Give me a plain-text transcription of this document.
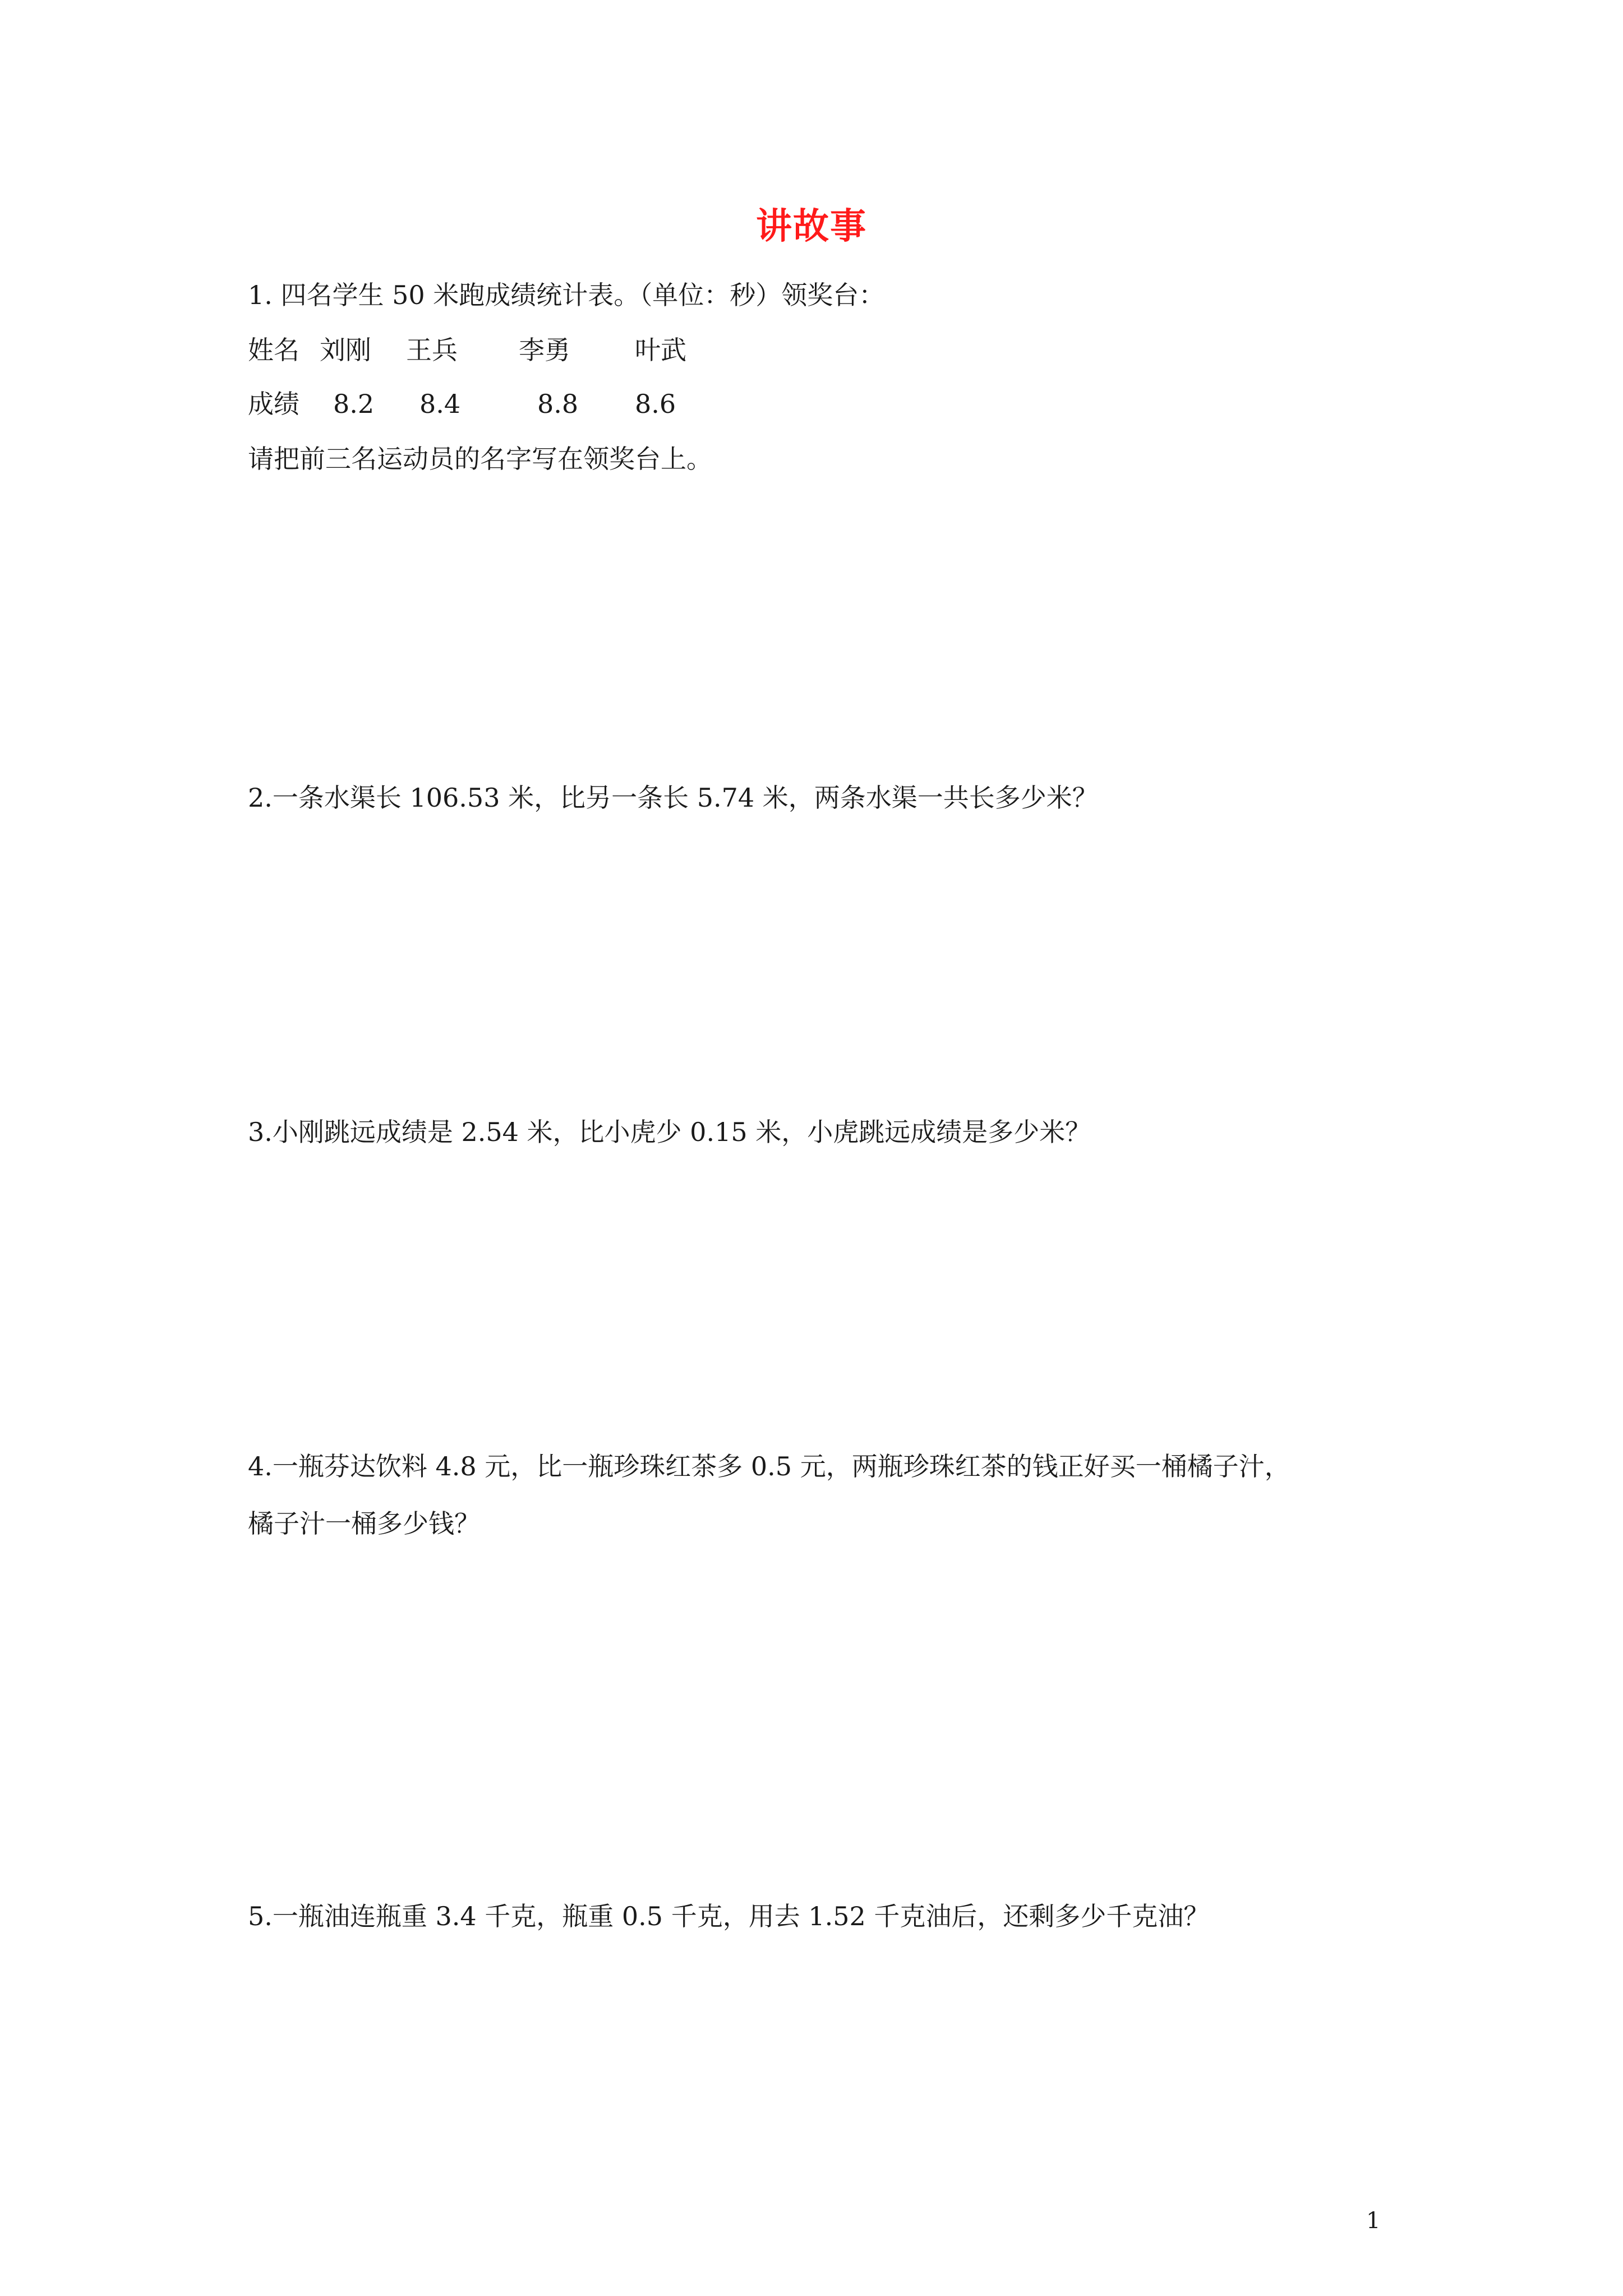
讲故事
1. 四名学生 50 米跑成绩统计表。（单位：秒）领奖台：
姓名 刘刚 王兵 李勇	叶武
成绩 8.2 8.4	8.8 8.6
请把前三名运动员的名字写在领奖台上。
2.一条水渠长 106.53 米，比另一条长 5.74 米，两条水渠一共长多少米？
3.小刚跳远成绩是 2.54 米，比小虎少 0.15 米，小虎跳远成绩是多少米？
4.一瓶芬达饮料 4.8 元，比一瓶珍珠红茶多 0.5 元，两瓶珍珠红茶的钱正好买一桶橘子汁，
橘子汁一桶多少钱？
5.一瓶油连瓶重 3.4 千克，瓶重 0.5 千克，用去 1.52 千克油后，还剩多少千克油？
1
